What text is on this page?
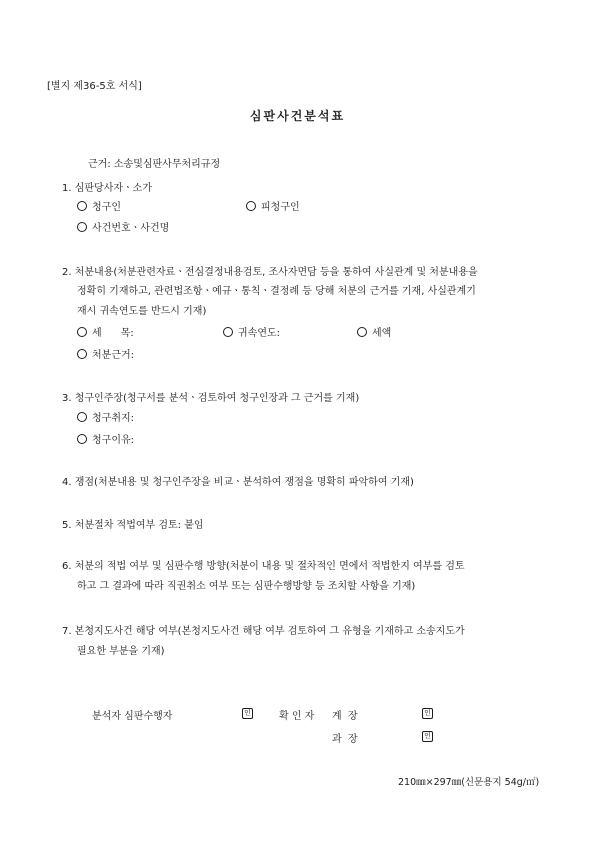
[별지 제36-5호 서식]
심판사건분석표
근거: 소송및심판사무처리규정
1. 심판당사자ㆍ소가
청구인	피청구인
사건번호ㆍ사건명
2. 처분내용(처분관련자료ㆍ전심결정내용검토, 조사자면담 등을 통하여 사실관계 및 처분내용을
정확히 기재하고, 관련법조항ㆍ예규ㆍ통칙ㆍ결정례 등 당해 처분의 근거를 기재, 사실관계기
재시 귀속연도를 반드시 기재)
세      목:	귀속연도:	세액
처분근거:
3. 청구인주장(청구서를 분석ㆍ검토하여 청구인장과 그 근거를 기재)
청구취지:
청구이유:
4. 쟁점(처분내용 및 청구인주장을 비교ㆍ분석하여 쟁점을 명확히 파악하여 기재)
5. 처분절차 적법여부 검토: 붙임
6. 처분의 적법 여부 및 심판수행 방향(처분이 내용 및 절차적인 면에서 적법한지 여부를 검토
하고 그 결과에 따라 직권취소 여부 또는 심판수행방향 등 조치할 사항을 기재)
7. 본청지도사건 해당 여부(본청지도사건 해당 여부 검토하여 그 유형을 기재하고 소송지도가
필요한 부분을 기재)
분석자 심판수행자	인	확 인 자 계  장	인
과  장	인
210㎜×297㎜(신문용지 54g/㎡)
